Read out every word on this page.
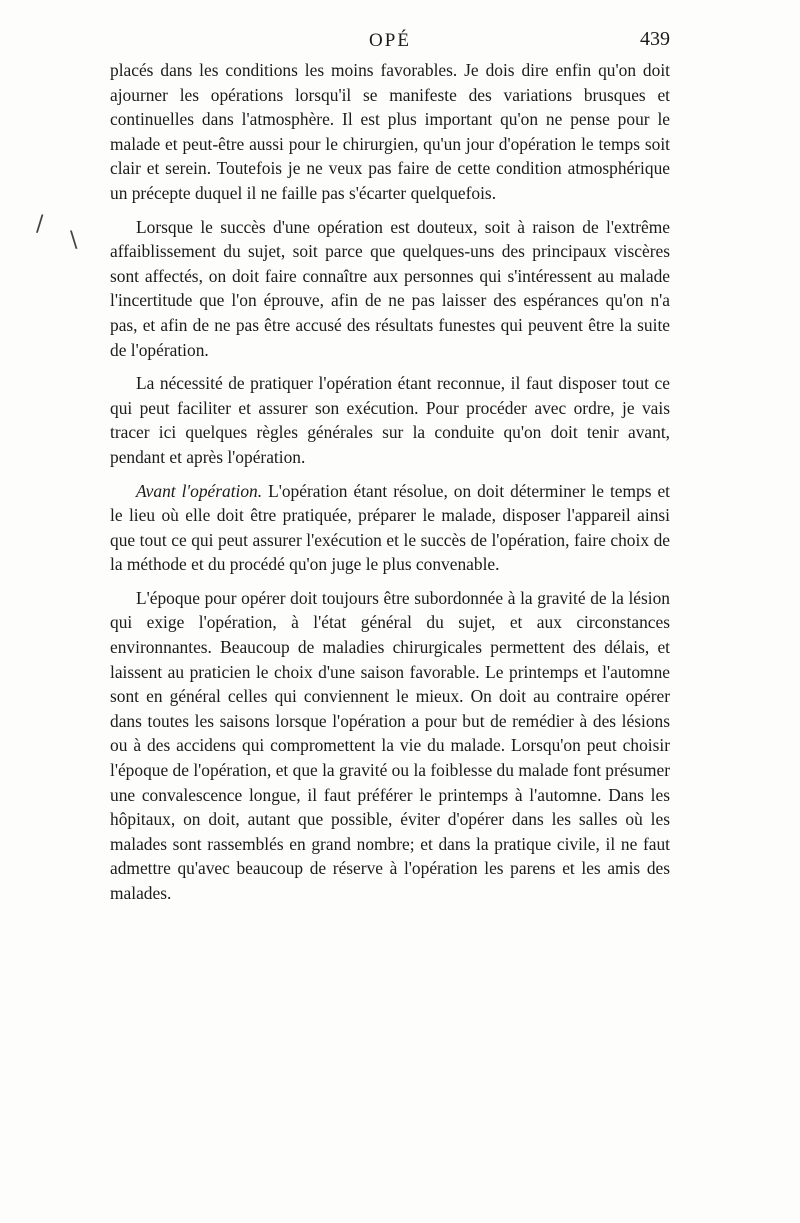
OPÉ	439

placés dans les conditions les moins favorables. Je dois dire enfin qu'on doit ajourner les opérations lorsqu'il se manifeste des variations brusques et continuelles dans l'atmosphère. Il est plus important qu'on ne pense pour le malade et peut-être aussi pour le chirurgien, qu'un jour d'opération le temps soit clair et serein. Toutefois je ne veux pas faire de cette condition atmosphérique un précepte duquel il ne faille pas s'écarter quelquefois.

Lorsque le succès d'une opération est douteux, soit à raison de l'extrême affaiblissement du sujet, soit parce que quelques-uns des principaux viscères sont affectés, on doit faire connaître aux personnes qui s'intéressent au malade l'incertitude que l'on éprouve, afin de ne pas laisser des espérances qu'on n'a pas, et afin de ne pas être accusé des résultats funestes qui peuvent être la suite de l'opération.

La nécessité de pratiquer l'opération étant reconnue, il faut disposer tout ce qui peut faciliter et assurer son exécution. Pour procéder avec ordre, je vais tracer ici quelques règles générales sur la conduite qu'on doit tenir avant, pendant et après l'opération.

Avant l'opération. L'opération étant résolue, on doit déterminer le temps et le lieu où elle doit être pratiquée, préparer le malade, disposer l'appareil ainsi que tout ce qui peut assurer l'exécution et le succès de l'opération, faire choix de la méthode et du procédé qu'on juge le plus convenable.

L'époque pour opérer doit toujours être subordonnée à la gravité de la lésion qui exige l'opération, à l'état général du sujet, et aux circonstances environnantes. Beaucoup de maladies chirurgicales permettent des délais, et laissent au praticien le choix d'une saison favorable. Le printemps et l'automne sont en général celles qui conviennent le mieux. On doit au contraire opérer dans toutes les saisons lorsque l'opération a pour but de remédier à des lésions ou à des accidens qui compromettent la vie du malade. Lorsqu'on peut choisir l'époque de l'opération, et que la gravité ou la foiblesse du malade font présumer une convalescence longue, il faut préférer le printemps à l'automne. Dans les hôpitaux, on doit, autant que possible, éviter d'opérer dans les salles où les malades sont rassemblés en grand nombre; et dans la pratique civile, il ne faut admettre qu'avec beaucoup de réserve à l'opération les parens et les amis des malades.

/
\
